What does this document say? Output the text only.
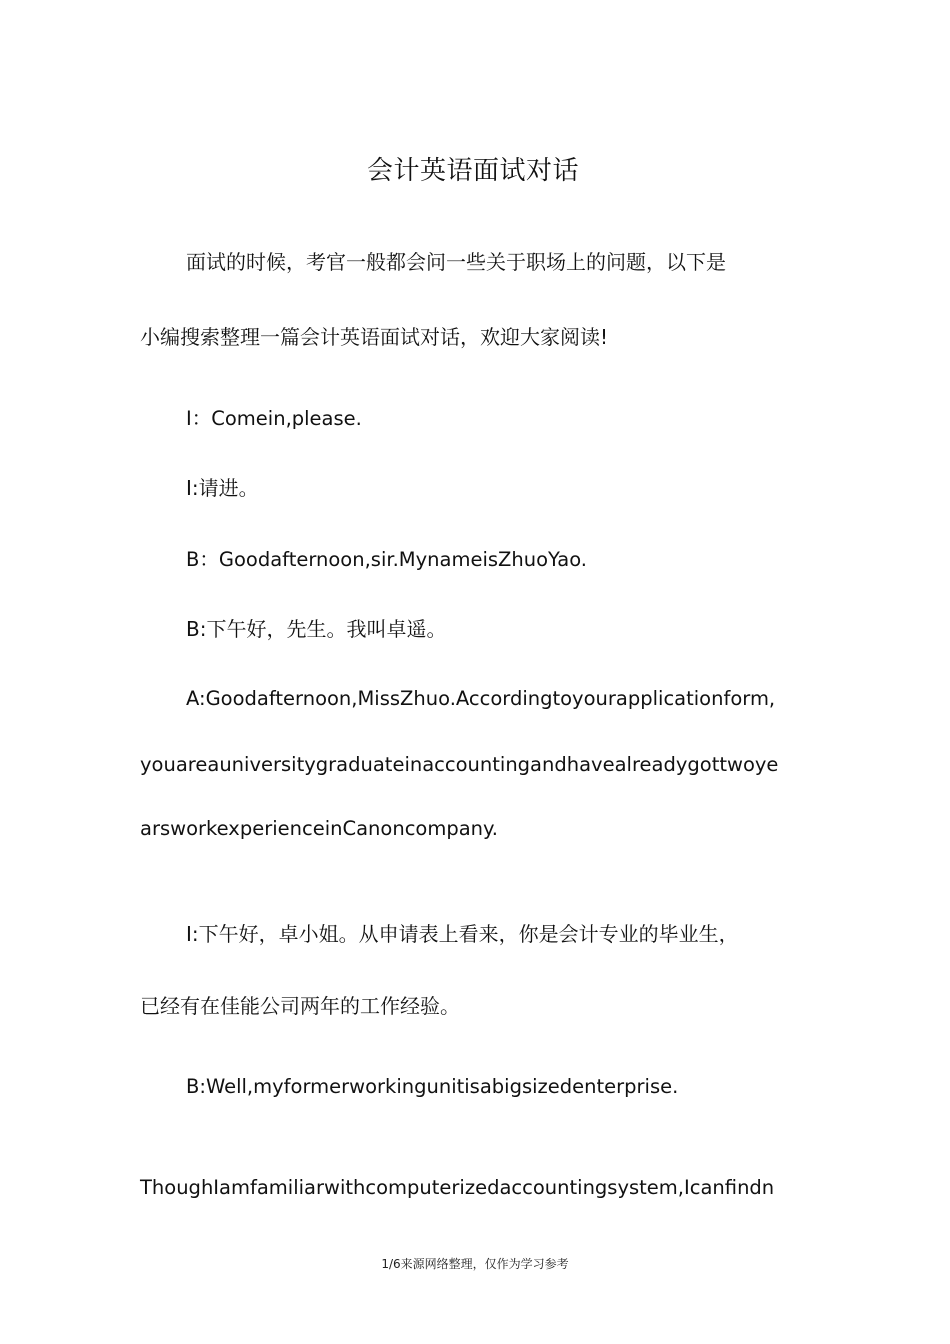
会计英语面试对话
面试的时候，考官一般都会问一些关于职场上的问题，以下是
小编搜索整理一篇会计英语面试对话，欢迎大家阅读!
I：Comein,please.
I:请进。
B：Goodafternoon,sir.MynameisZhuoYao.
B:下午好，先生。我叫卓遥。
A:Goodafternoon,MissZhuo.Accordingtoyourapplicationform,
youareauniversitygraduateinaccountingandhavealreadygottwoye
arsworkexperienceinCanoncompany.
I:下午好，卓小姐。从申请表上看来，你是会计专业的毕业生，
已经有在佳能公司两年的工作经验。
B:Well,myformerworkingunitisabigsizedenterprise.
ThoughIamfamiliarwithcomputerizedaccountingsystem,Icanfindn
1/6来源网络整理，仅作为学习参考
